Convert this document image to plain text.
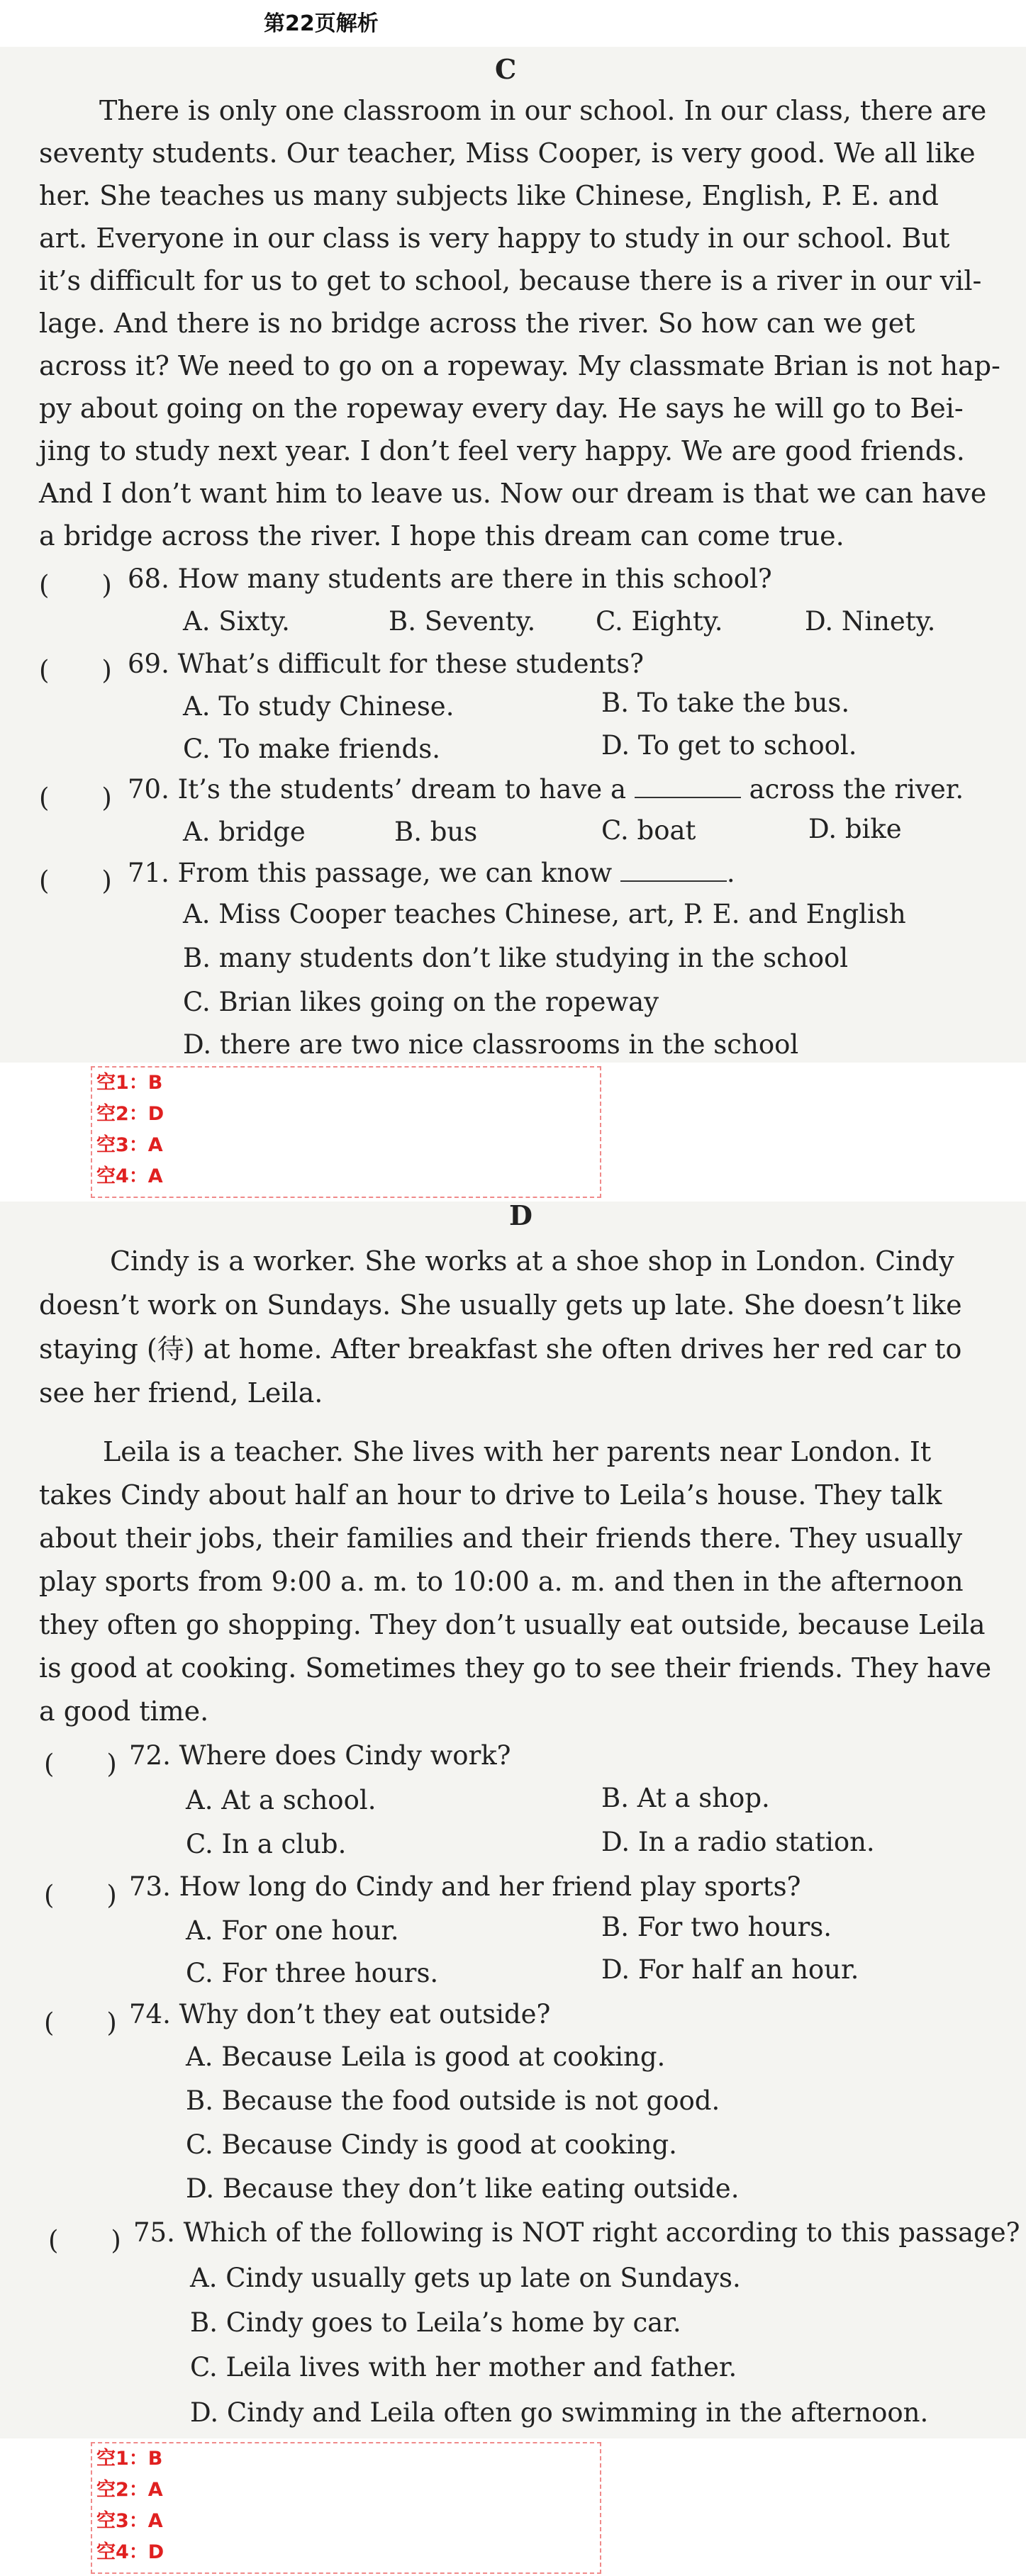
第22页解析
C
There is only one classroom in our school. In our class, there are
seventy students. Our teacher, Miss Cooper, is very good. We all like
her. She teaches us many subjects like Chinese, English, P. E. and
art. Everyone in our class is very happy to study in our school. But
it’s difficult for us to get to school, because there is a river in our vil-
lage. And there is no bridge across the river. So how can we get
across it? We need to go on a ropeway. My classmate Brian is not hap-
py about going on the ropeway every day. He says he will go to Bei-
jing to study next year. I don’t feel very happy. We are good friends.
And I don’t want him to leave us. Now our dream is that we can have
a bridge across the river. I hope this dream can come true.
(　　) 68. How many students are there in this school?
A. Sixty.	B. Seventy. C. Eighty.	D. Ninety.
(　　) 69. What’s difficult for these students?
A. To study Chinese.	B. To take the bus.
C. To make friends.	D. To get to school.
(　　) 70. It’s the students’ dream to have a	across the river.
A. bridge	B. bus	C. boat	D. bike
(　　) 71. From this passage, we can know	.
A. Miss Cooper teaches Chinese, art, P. E. and English
B. many students don’t like studying in the school
C. Brian likes going on the ropeway
D. there are two nice classrooms in the school
空1：B
空2：D
空3：A
空4：A
D
Cindy is a worker. She works at a shoe shop in London. Cindy
doesn’t work on Sundays. She usually gets up late. She doesn’t like
staying (待) at home. After breakfast she often drives her red car to
see her friend, Leila.
Leila is a teacher. She lives with her parents near London. It
takes Cindy about half an hour to drive to Leila’s house. They talk
about their jobs, their families and their friends there. They usually
play sports from 9:00 a. m. to 10:00 a. m. and then in the afternoon
they often go shopping. They don’t usually eat outside, because Leila
is good at cooking. Sometimes they go to see their friends. They have
a good time.
(　　) 72. Where does Cindy work?
A. At a school.	B. At a shop.
C. In a club.	D. In a radio station.
(　　) 73. How long do Cindy and her friend play sports?
A. For one hour.	B. For two hours.
C. For three hours.	D. For half an hour.
(　　) 74. Why don’t they eat outside?
A. Because Leila is good at cooking.
B. Because the food outside is not good.
C. Because Cindy is good at cooking.
D. Because they don’t like eating outside.
(　　) 75. Which of the following is NOT right according to this passage?
A. Cindy usually gets up late on Sundays.
B. Cindy goes to Leila’s home by car.
C. Leila lives with her mother and father.
D. Cindy and Leila often go swimming in the afternoon.
空1：B
空2：A
空3：A
空4：D
